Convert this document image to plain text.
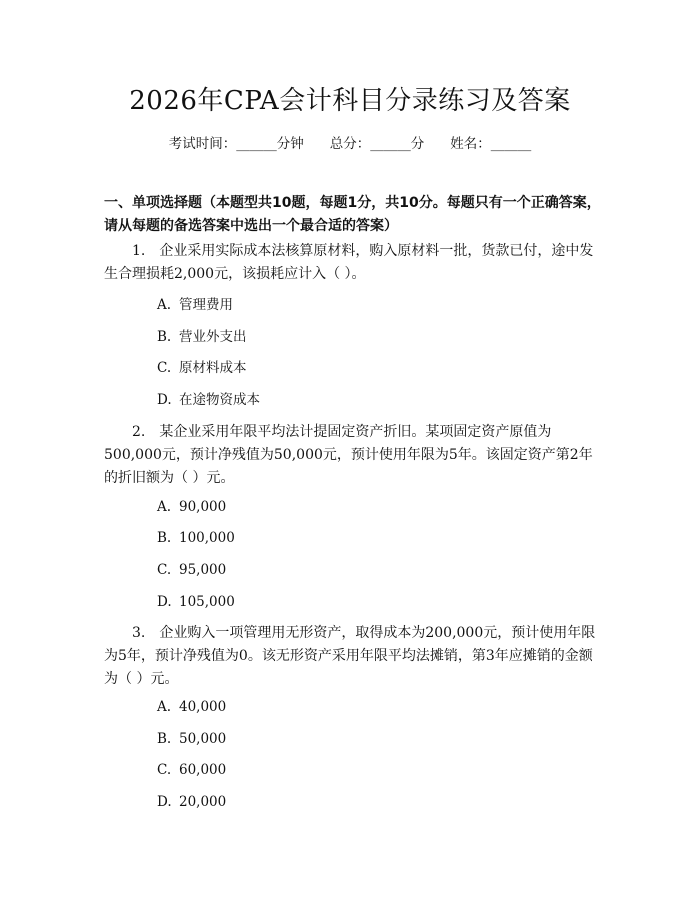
2026年CPA会计科目分录练习及答案
考试时间：______分钟 总分：______分 姓名：______
一、单项选择题（本题型共10题，每题1分，共10分。每题只有一个正确答案，请从每题的备选答案中选出一个最合适的答案）
1. 企业采用实际成本法核算原材料，购入原材料一批，货款已付，途中发生合理损耗2,000元，该损耗应计入（ ）。
A. 管理费用
B. 营业外支出
C. 原材料成本
D. 在途物资成本
2. 某企业采用年限平均法计提固定资产折旧。某项固定资产原值为500,000元，预计净残值为50,000元，预计使用年限为5年。该固定资产第2年的折旧额为（ ）元。
A. 90,000
B. 100,000
C. 95,000
D. 105,000
3. 企业购入一项管理用无形资产，取得成本为200,000元，预计使用年限为5年，预计净残值为0。该无形资产采用年限平均法摊销，第3年应摊销的金额为（ ）元。
A. 40,000
B. 50,000
C. 60,000
D. 20,000
